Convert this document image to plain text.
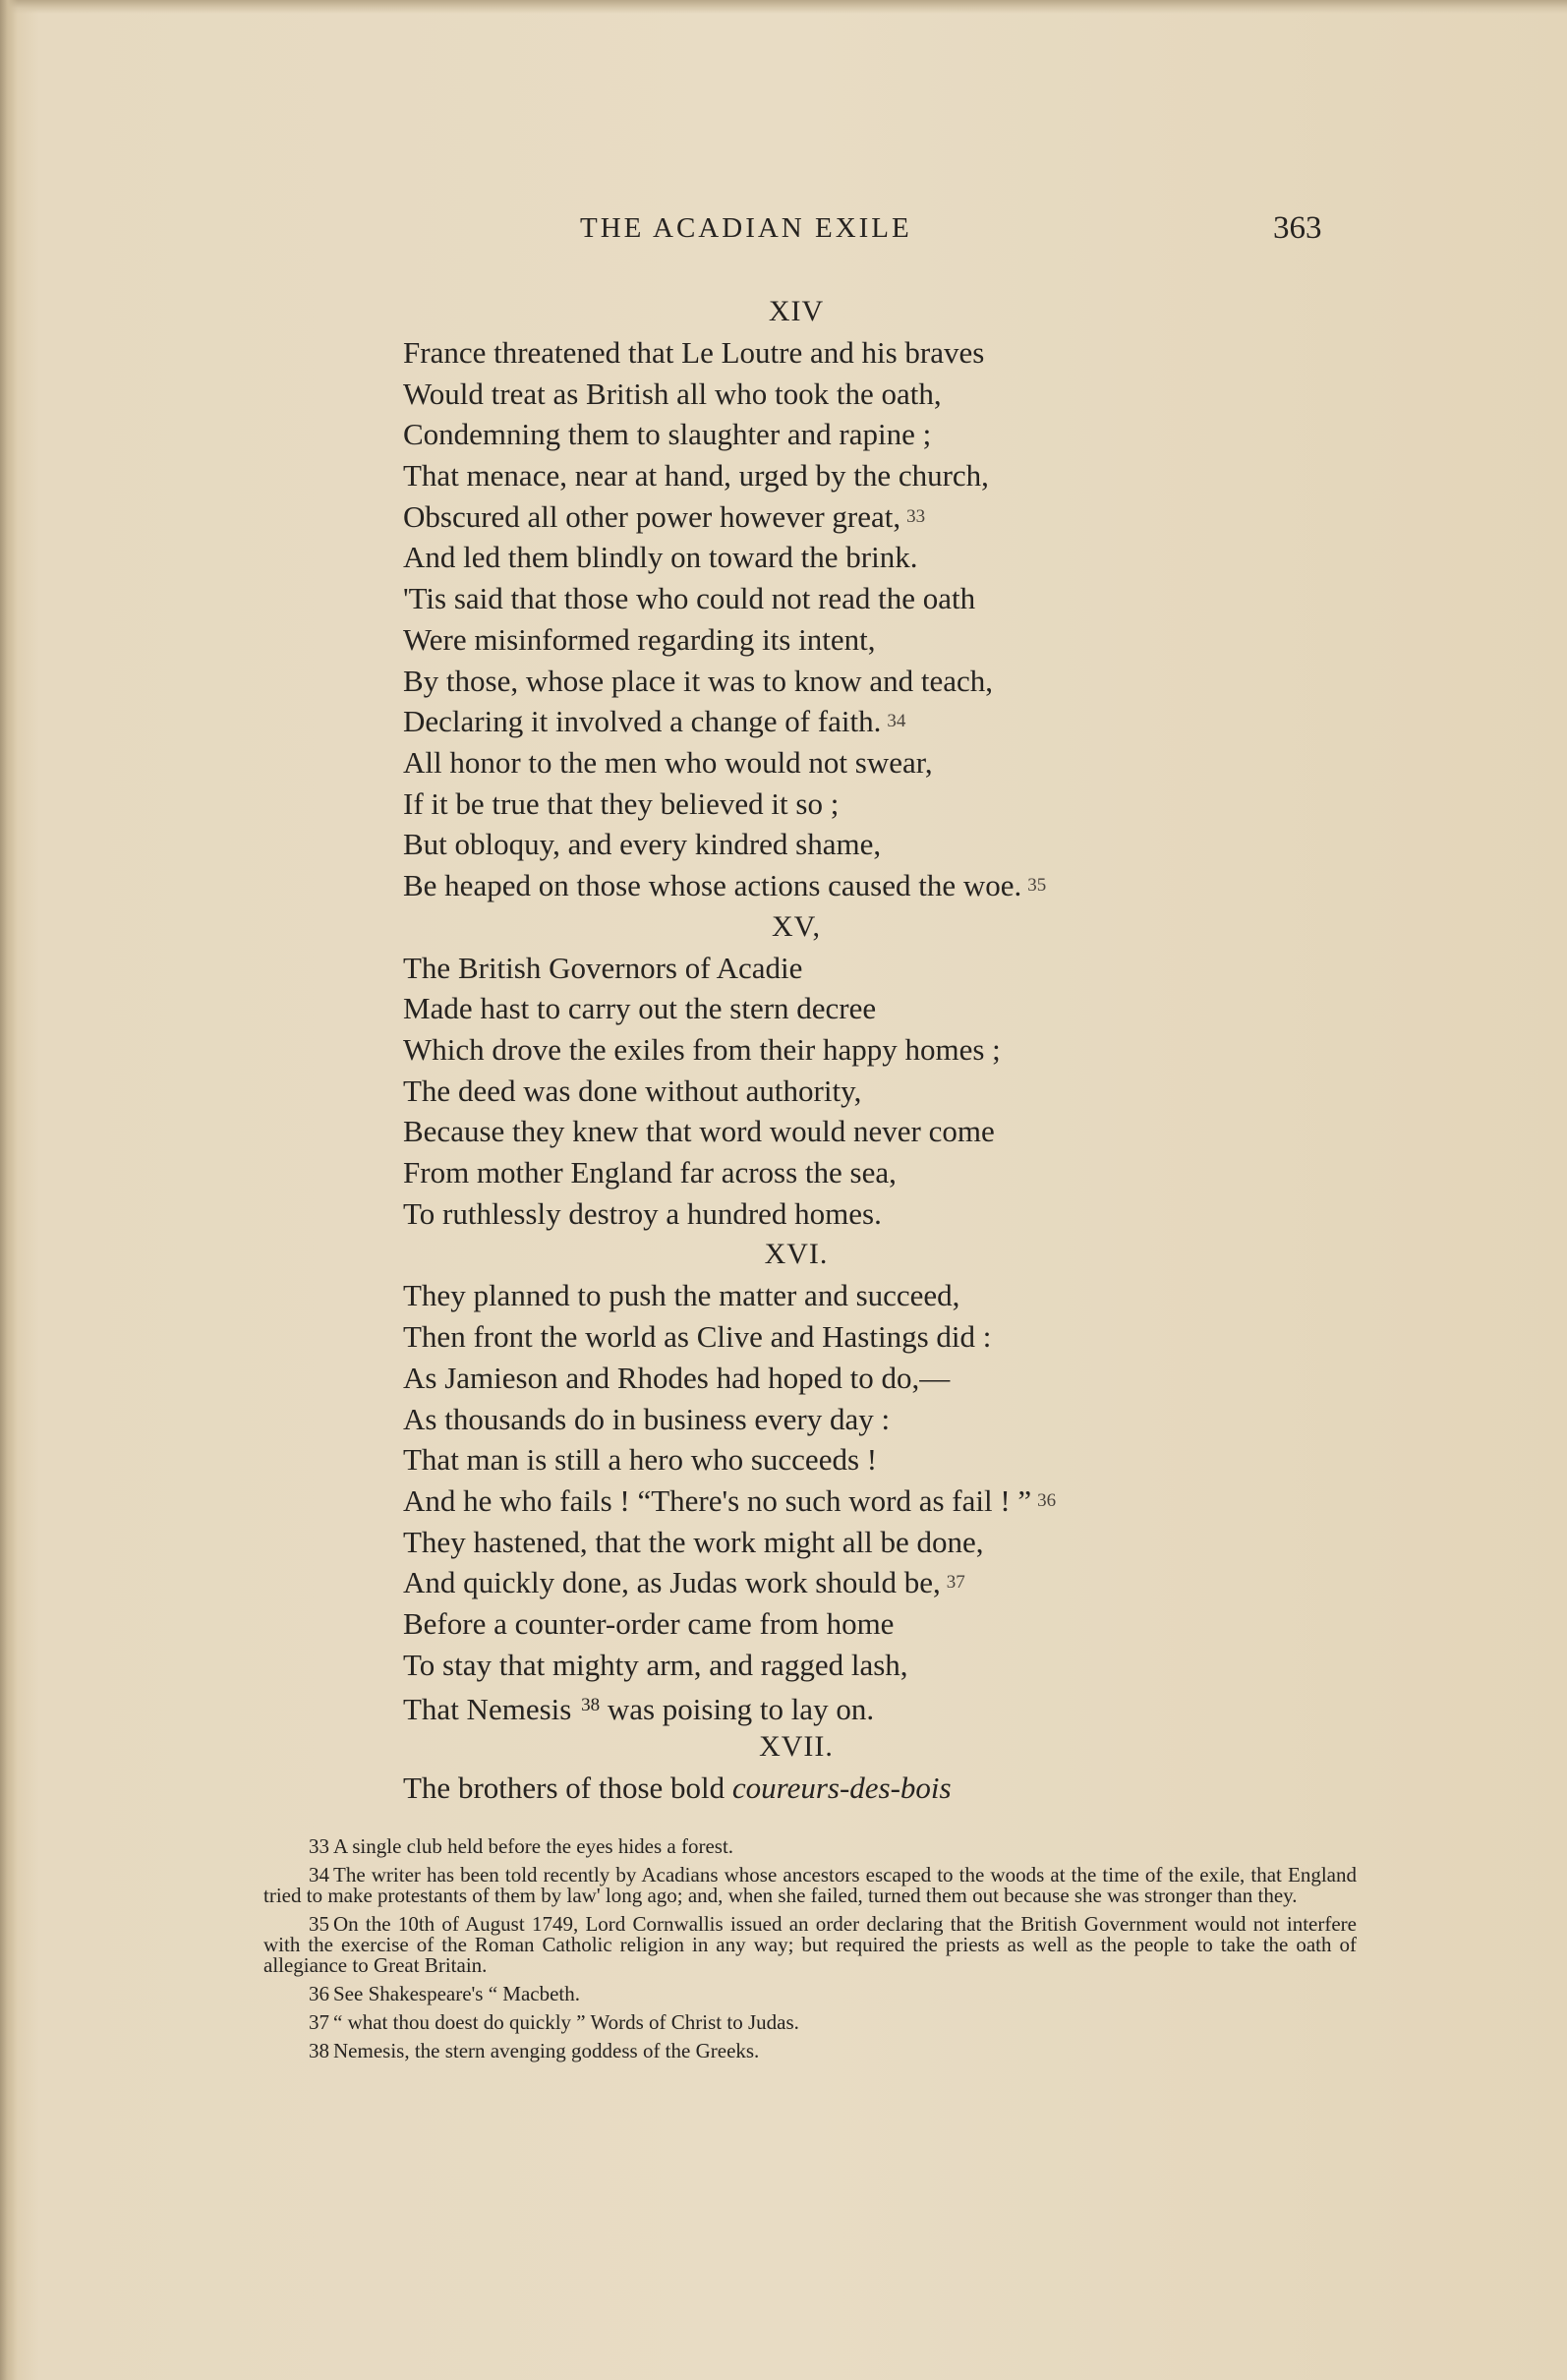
THE ACADIAN EXILE	363
XIV
France threatened that Le Loutre and his braves
Would treat as British all who took the oath,
Condemning them to slaughter and rapine ;
That menace, near at hand, urged by the church,
Obscured all other power however great, 33
And led them blindly on toward the brink.
'Tis said that those who could not read the oath
Were misinformed regarding its intent,
By those, whose place it was to know and teach,
Declaring it involved a change of faith. 34
All honor to the men who would not swear,
If it be true that they believed it so ;
But obloquy, and every kindred shame,
Be heaped on those whose actions caused the woe. 35
XV,
The British Governors of Acadie
Made hast to carry out the stern decree
Which drove the exiles from their happy homes ;
The deed was done without authority,
Because they knew that word would never come
From mother England far across the sea,
To ruthlessly destroy a hundred homes.
XVI.
They planned to push the matter and succeed,
Then front the world as Clive and Hastings did :
As Jamieson and Rhodes had hoped to do,—
As thousands do in business every day :
That man is still a hero who succeeds !
And he who fails ! “There's no such word as fail ! ” 36
They hastened, that the work might all be done,
And quickly done, as Judas work should be, 37
Before a counter-order came from home
To stay that mighty arm, and ragged lash,
That Nemesis $^{38}$ was poising to lay on.
XVII.
The brothers of those bold coureurs-des-bois
33 A single club held before the eyes hides a forest.
34 The writer has been told recently by Acadians whose ancestors escaped to the woods at the time of the exile, that England tried to make protestants of them by law' long ago; and, when she failed, turned them out because she was stronger than they.
35 On the 10th of August 1749, Lord Cornwallis issued an order declaring that the British Government would not interfere with the exercise of the Roman Catholic religion in any way; but required the priests as well as the people to take the oath of allegiance to Great Britain.
36 See Shakespeare's “ Macbeth.
37 “ what thou doest do quickly ” Words of Christ to Judas.
38 Nemesis, the stern avenging goddess of the Greeks.
